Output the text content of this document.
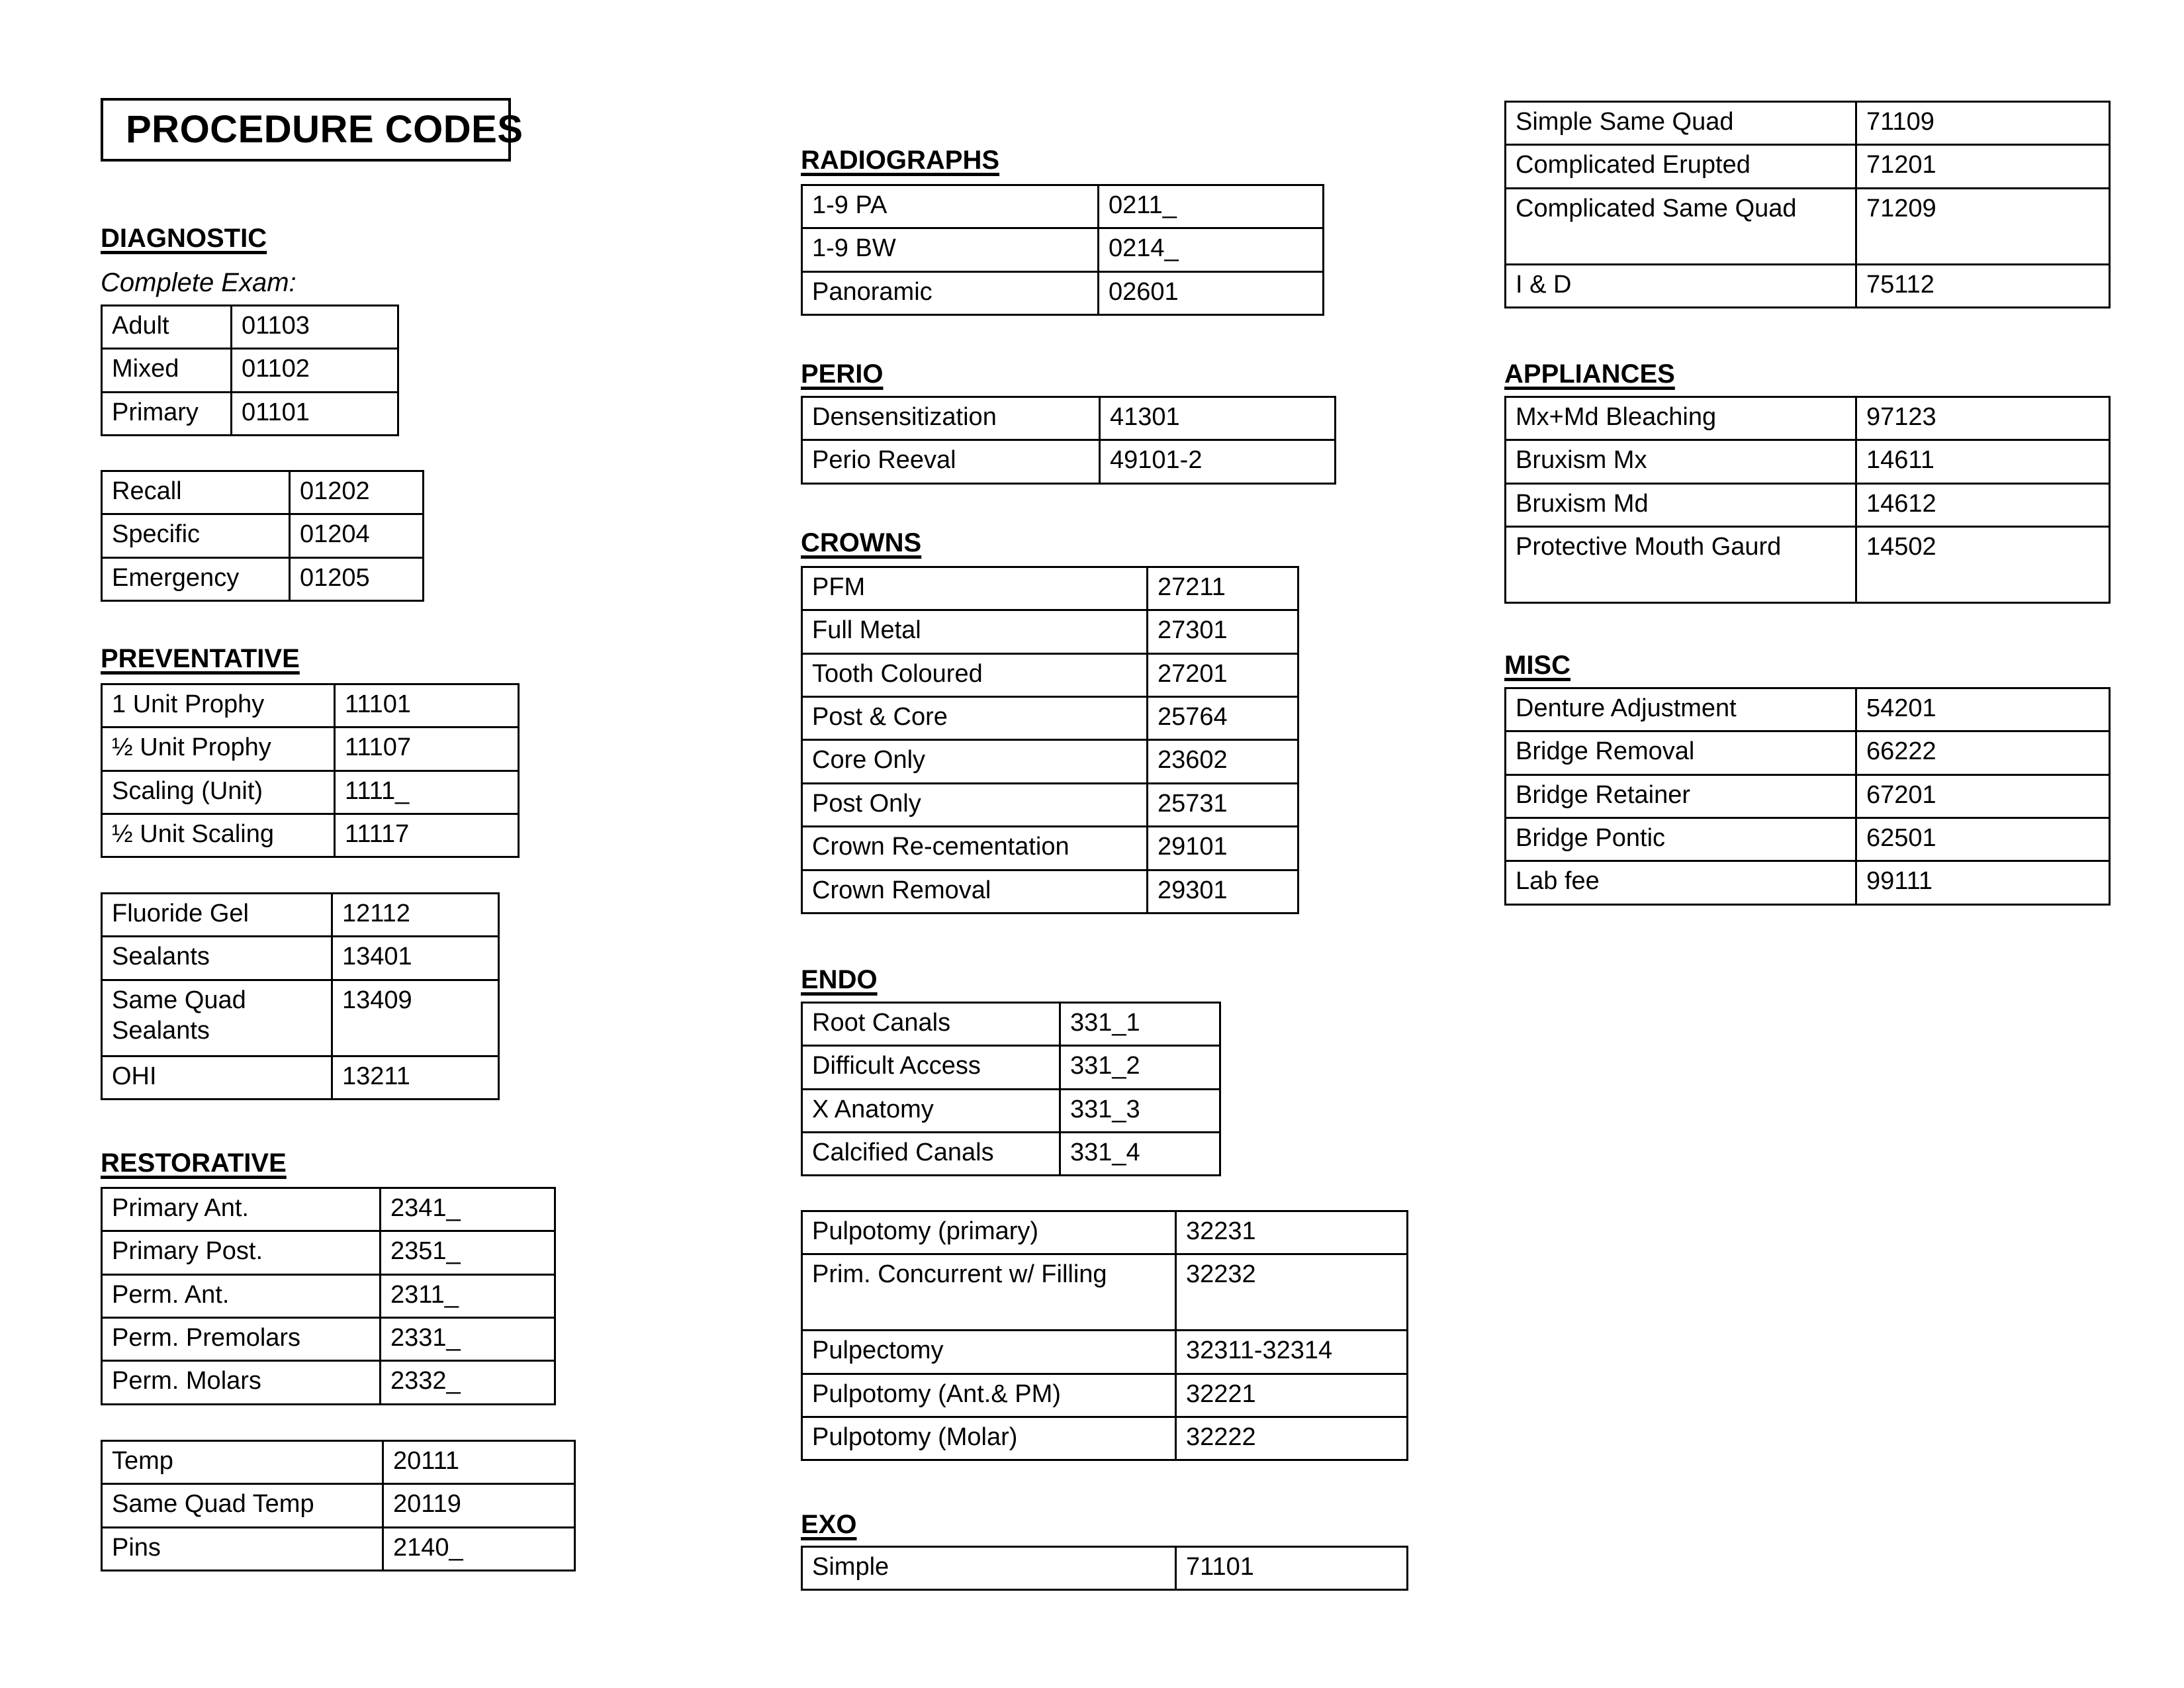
PROCEDURE CODES
DIAGNOSTIC
Complete Exam:
Adult	01103
Mixed	01102
Primary	01101
Recall	01202
Specific	01204
Emergency	01205
PREVENTATIVE
1 Unit Prophy	11101
½ Unit Prophy	11107
Scaling (Unit)	1111_
½ Unit Scaling	11117
Fluoride Gel	12112
Sealants	13401
Same Quad Sealants	13409
OHI	13211
RESTORATIVE
Primary Ant.	2341_
Primary Post.	2351_
Perm. Ant.	2311_
Perm. Premolars	2331_
Perm. Molars	2332_
Temp	20111
Same Quad Temp	20119
Pins	2140_
RADIOGRAPHS
1-9 PA	0211_
1-9 BW	0214_
Panoramic	02601
PERIO
Densensitization	41301
Perio Reeval	49101-2
CROWNS
PFM	27211
Full Metal	27301
Tooth Coloured	27201
Post & Core	25764
Core Only	23602
Post Only	25731
Crown Re-cementation	29101
Crown Removal	29301
ENDO
Root Canals	331_1
Difficult Access	331_2
X Anatomy	331_3
Calcified Canals	331_4
Pulpotomy (primary)	32231
Prim. Concurrent w/ Filling	32232
Pulpectomy	32311-32314
Pulpotomy (Ant.& PM)	32221
Pulpotomy (Molar)	32222
EXO
Simple	71101
Simple Same Quad	71109
Complicated Erupted	71201
Complicated Same Quad	71209
I & D	75112
APPLIANCES
Mx+Md Bleaching	97123
Bruxism Mx	14611
Bruxism Md	14612
Protective Mouth Gaurd	14502
MISC
Denture Adjustment	54201
Bridge Removal	66222
Bridge Retainer	67201
Bridge Pontic	62501
Lab fee	99111
